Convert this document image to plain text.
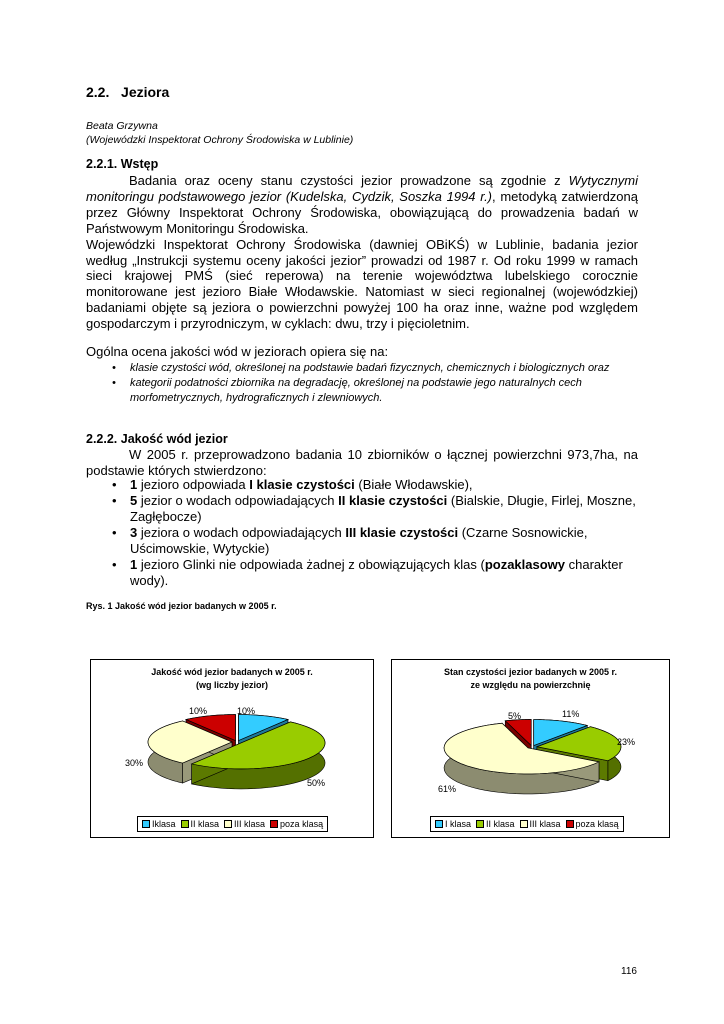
2.2. Jeziora
Beata Grzywna
(Wojewódzki Inspektorat Ochrony Środowiska w Lublinie)
2.2.1. Wstęp

Badania oraz oceny stanu czystości jezior prowadzone są zgodnie z Wytycznymi monitoringu podstawowego jezior (Kudelska, Cydzik, Soszka 1994 r.), metodyką zatwierdzoną przez Główny Inspektorat Ochrony Środowiska, obowiązującą do prowadzenia badań w Państwowym Monitoringu Środowiska.

Wojewódzki Inspektorat Ochrony Środowiska (dawniej OBiKŚ) w Lublinie, badania jezior według „Instrukcji systemu oceny jakości jezior” prowadzi od 1987 r. Od roku 1999 w ramach sieci krajowej PMŚ (sieć reperowa) na terenie województwa lubelskiego corocznie monitorowane jest jezioro Białe Włodawskie. Natomiast w sieci regionalnej (wojewódzkiej) badaniami objęte są jeziora o powierzchni powyżej 100 ha oraz inne, ważne pod względem gospodarczym i przyrodniczym, w cyklach: dwu, trzy i pięcioletnim.

Ogólna ocena jakości wód w jeziorach opiera się na:
• klasie czystości wód, określonej na podstawie badań fizycznych, chemicznych i biologicznych oraz
• kategorii podatności zbiornika na degradację, określonej na podstawie jego naturalnych cech morfometrycznych, hydrograficznych i zlewniowych.
2.2.2. Jakość wód jezior

W 2005 r. przeprowadzono badania 10 zbiorników o łącznej powierzchni 973,7ha, na podstawie których stwierdzono:

• 1 jezioro odpowiada I klasie czystości (Białe Włodawskie),
• 5 jezior o wodach odpowiadających II klasie czystości (Bialskie, Długie, Firlej, Moszne, Zagłębocze)
• 3 jeziora o wodach odpowiadających III klasie czystości (Czarne Sosnowickie, Uścimowskie, Wytyckie)
• 1 jezioro Glinki nie odpowiada żadnej z obowiązujących klas (pozaklasowy charakter wody).
Rys. 1 Jakość wód jezior badanych w 2005 r.
Jakość wód jezior badanych w 2005 r.
(wg liczby jezior)
10%
50%
30%
10%
Iklasa II klasa III klasa poza klasą
Stan czystości jezior badanych w 2005 r.
ze względu na powierzchnię
11%
23%
61%
5%
I klasa II klasa III klasa poza klasą
116
